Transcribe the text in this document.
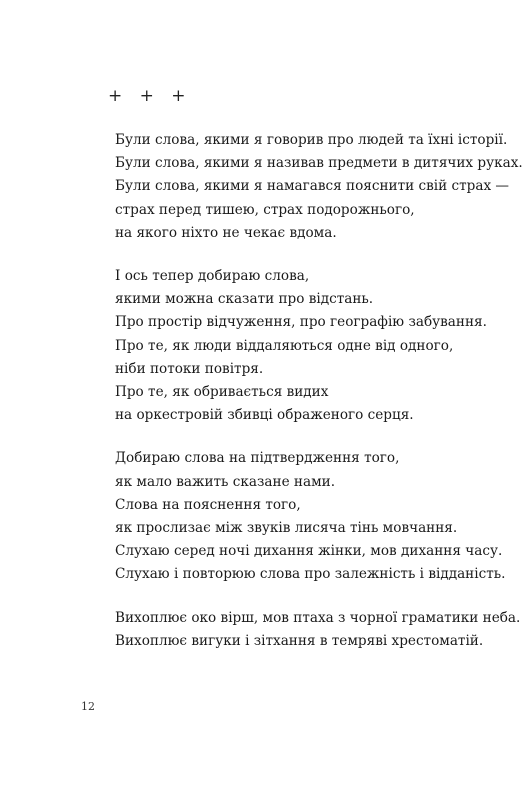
+ + +
Були слова, якими я говорив про людей та їхні історії.
Були слова, якими я називав предмети в дитячих руках.
Були слова, якими я намагався пояснити свій страх —
страх перед тишею, страх подорожнього,
на якого ніхто не чекає вдома.
І ось тепер добираю слова,
якими можна сказати про відстань.
Про простір відчуження, про географію забування.
Про те, як люди віддаляються одне від одного,
ніби потоки повітря.
Про те, як обривається видих
на оркестровій збивці ображеного серця.
Добираю слова на підтвердження того,
як мало важить сказане нами.
Слова на пояснення того,
як прослизає між звуків лисяча тінь мовчання.
Слухаю серед ночі дихання жінки, мов дихання часу.
Слухаю і повторюю слова про залежність і відданість.
Вихоплює око вірш, мов птаха з чорної граматики неба.
Вихоплює вигуки і зітхання в темряві хрестоматій.
12
